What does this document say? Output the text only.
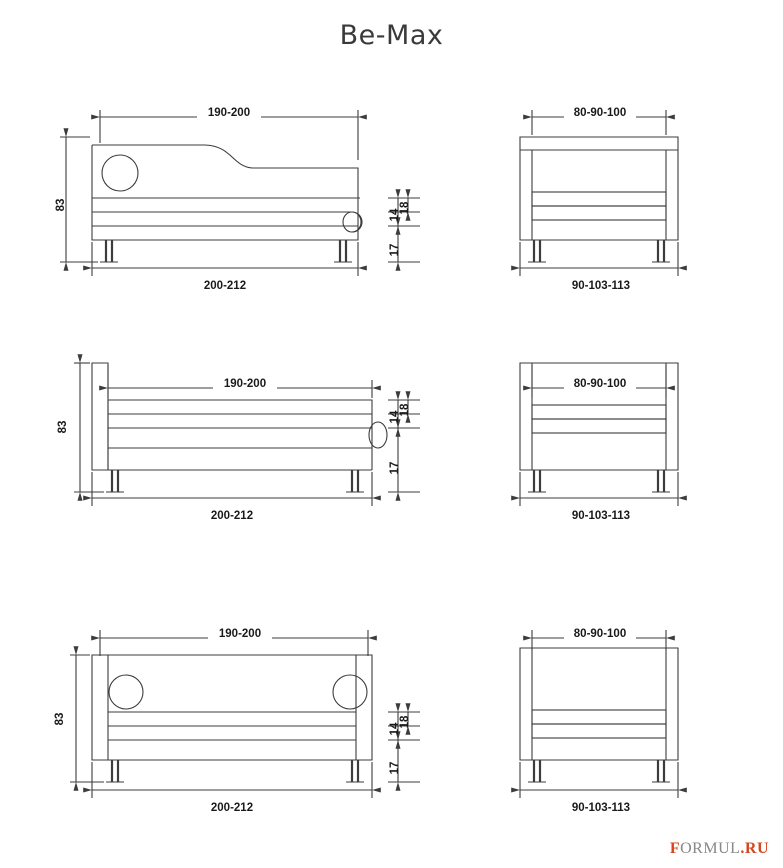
Be-Max
190-200
200-212
83
14
18
17
80-90-100
90-103-113
190-200
200-212
83
14
18
17
80-90-100
90-103-113
190-200
200-212
83
14
18
17
80-90-100
90-103-113
FORMUL.RU
